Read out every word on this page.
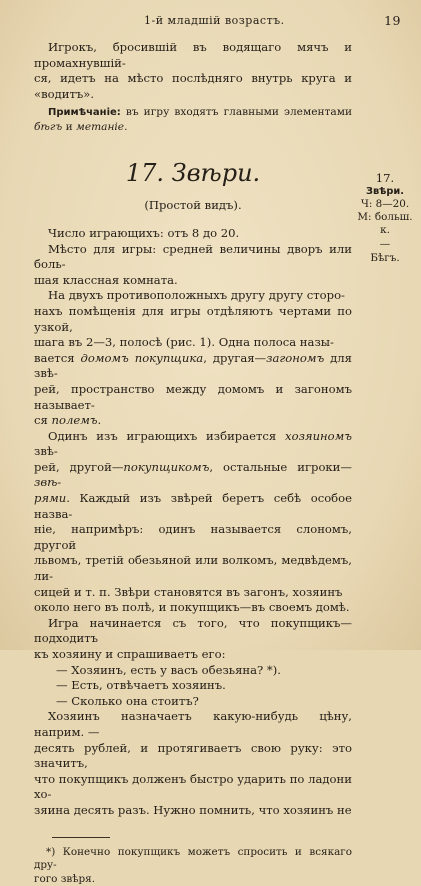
1-й младшій возрастъ.	19

Игрокъ, бросившій въ водящаго мячъ и промахнувшій-

ся, идетъ на мѣсто послѣдняго внутрь круга и «водитъ».

Примѣчаніе: въ игру входятъ главными элементами бѣгъ и метаніе.

17. Звѣри.

(Простой видъ).

Число играющихъ: отъ 8 до 20.

Мѣсто для игры: средней величины дворъ или боль-

шая классная комната.

На двухъ противоположныхъ другу другу сторо-

нахъ помѣщенія для игры отдѣляютъ чертами по узкой,

шага въ 2—3, полосѣ (рис. 1). Одна полоса назы-

вается домомъ покупщика, другая—загономъ для звѣ-

рей, пространство между домомъ и загономъ называет-

ся полемъ.

Одинъ изъ играющихъ избирается хозяиномъ звѣ-

рей, другой—покупщикомъ, остальные игроки—звѣ-

рями. Каждый изъ звѣрей беретъ себѣ особое назва-

ніе, напримѣръ: одинъ называется слономъ, другой

львомъ, третій обезьяной или волкомъ, медвѣдемъ, ли-

сицей и т. п. Звѣри становятся въ загонъ, хозяинъ

около него въ полѣ, и покупщикъ—въ своемъ домѣ.

Игра начинается съ того, что покупщикъ—подходитъ

къ хозяину и спрашиваетъ его:

— Хозяинъ, есть у васъ обезьяна? *).

— Есть, отвѣчаетъ хозяинъ.

— Сколько она стоитъ?

Хозяинъ назначаетъ какую-нибудь цѣну, наприм. —

десять рублей, и протягиваетъ свою руку: это значитъ,

что покупщикъ долженъ быстро ударить по ладони хо-

зяина десять разъ. Нужно помнить, что хозяинъ не

*) Конечно покупщикъ можетъ спросить и всякаго дру-

гого звѣря.

17.
Звѣри.
Ч: 8—20.
М: больш. к.
—
Бѣгъ.
